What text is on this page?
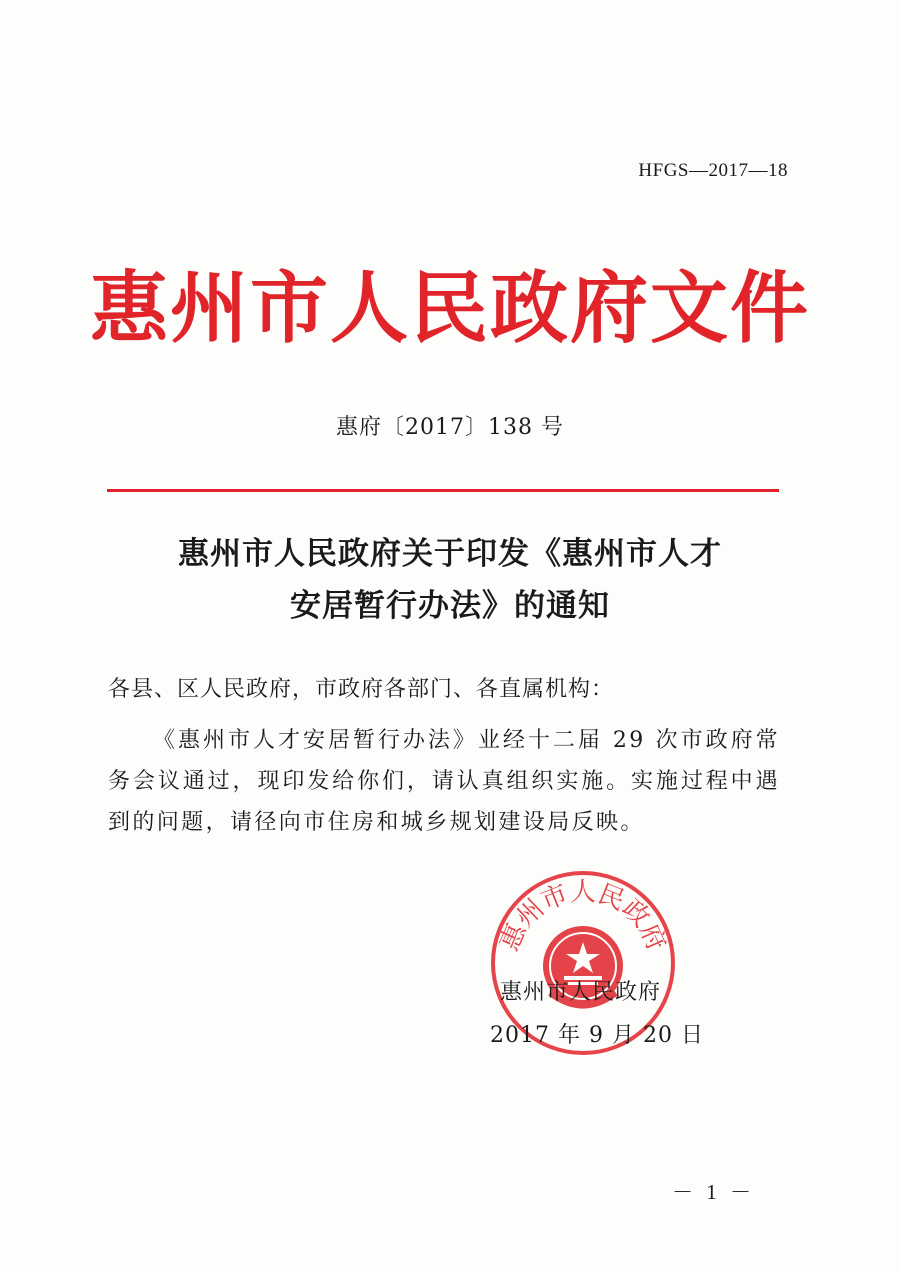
HFGS—2017—18
惠州市人民政府文件
惠府〔2017〕138 号
惠州市人民政府关于印发《惠州市人才
安居暂行办法》的通知
各县、区人民政府，市政府各部门、各直属机构：
《惠州市人才安居暂行办法》业经十二届 29 次市政府常务会议通过，现印发给你们，请认真组织实施。实施过程中遇到的问题，请径向市住房和城乡规划建设局反映。
惠州市人民政府
惠州市人民政府
2017 年 9 月 20 日
－ 1 －
